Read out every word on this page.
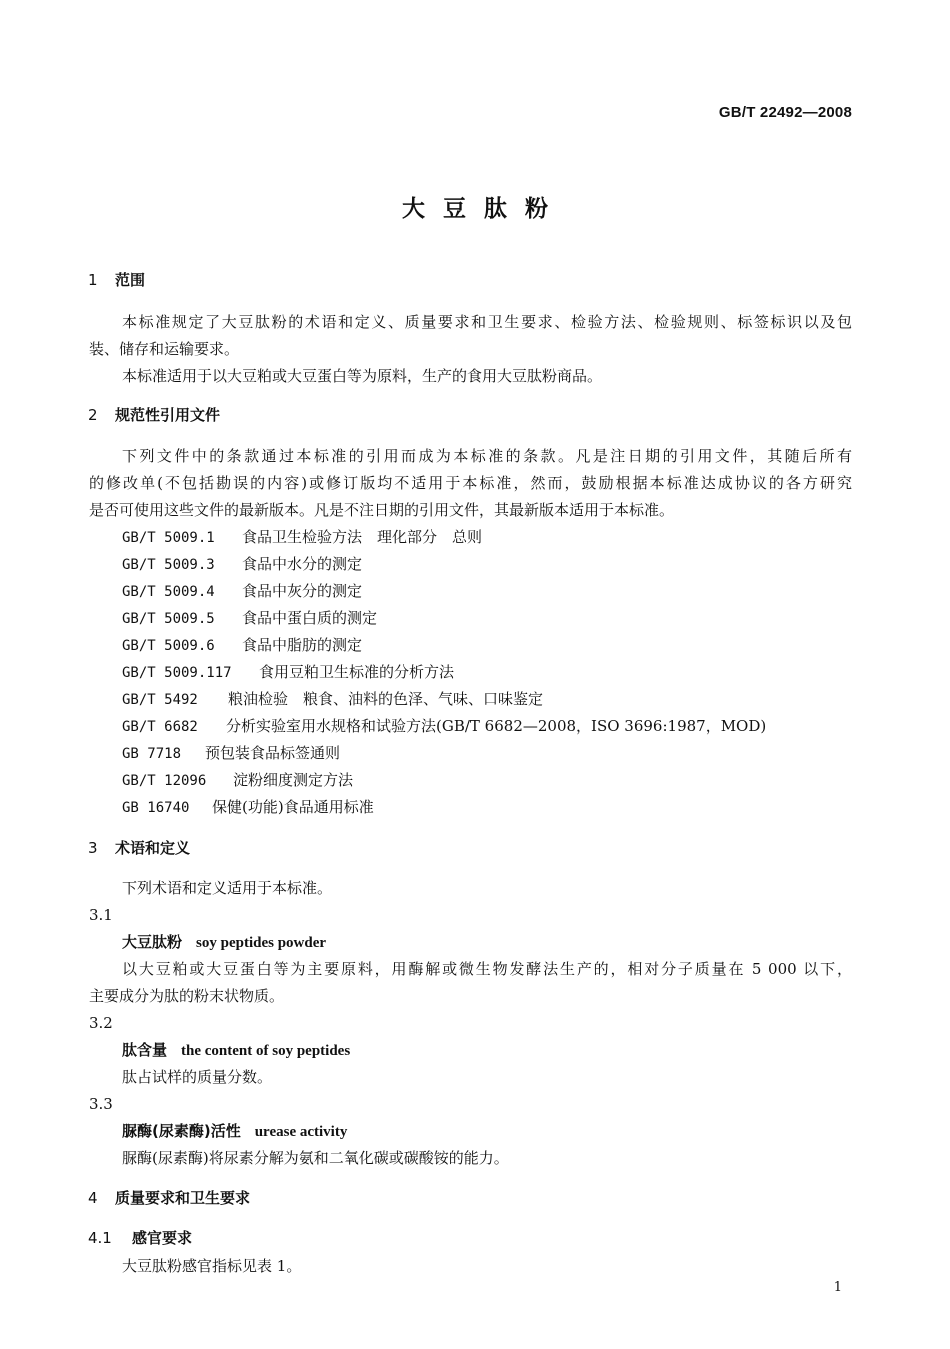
GB/T 22492—2008
大豆肽粉
1 范围
本标准规定了大豆肽粉的术语和定义、质量要求和卫生要求、检验方法、检验规则、标签标识以及包
装、储存和运输要求。
本标准适用于以大豆粕或大豆蛋白等为原料，生产的食用大豆肽粉商品。
2 规范性引用文件
下列文件中的条款通过本标准的引用而成为本标准的条款。凡是注日期的引用文件，其随后所有
的修改单(不包括勘误的内容)或修订版均不适用于本标准，然而，鼓励根据本标准达成协议的各方研究
是否可使用这些文件的最新版本。凡是不注日期的引用文件，其最新版本适用于本标准。
GB/T 5009.1 食品卫生检验方法　理化部分　总则
GB/T 5009.3 食品中水分的测定
GB/T 5009.4 食品中灰分的测定
GB/T 5009.5 食品中蛋白质的测定
GB/T 5009.6 食品中脂肪的测定
GB/T 5009.117 食用豆粕卫生标准的分析方法
GB/T 5492 粮油检验　粮食、油料的色泽、气味、口味鉴定
GB/T 6682 分析实验室用水规格和试验方法(GB/T 6682—2008，ISO 3696:1987，MOD)
GB 7718 预包装食品标签通则
GB/T 12096 淀粉细度测定方法
GB 16740 保健(功能)食品通用标准
3 术语和定义
下列术语和定义适用于本标准。
3.1
大豆肽粉 soy peptides powder
以大豆粕或大豆蛋白等为主要原料，用酶解或微生物发酵法生产的，相对分子质量在 5 000 以下，
主要成分为肽的粉末状物质。
3.2
肽含量 the content of soy peptides
肽占试样的质量分数。
3.3
脲酶(尿素酶)活性 urease activity
脲酶(尿素酶)将尿素分解为氨和二氧化碳或碳酸铵的能力。
4 质量要求和卫生要求
4.1 感官要求
大豆肽粉感官指标见表 1。
1
